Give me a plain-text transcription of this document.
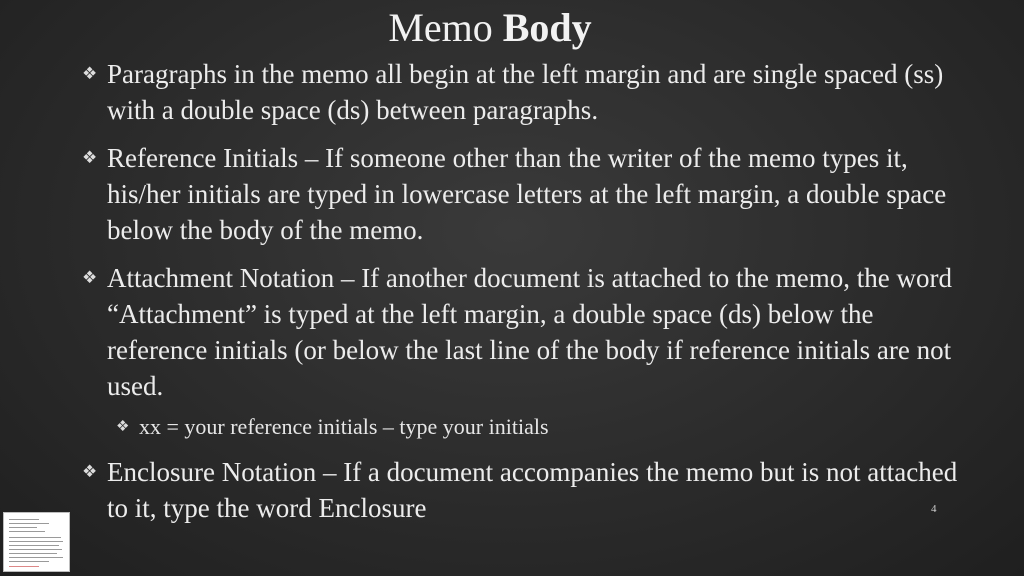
Memo Body
❖ Paragraphs in the memo all begin at the left margin and are single spaced (ss) with a double space (ds) between paragraphs.
❖ Reference Initials – If someone other than the writer of the memo types it, his/her initials are typed in lowercase letters at the left margin, a double space below the body of the memo.
❖ Attachment Notation – If another document is attached to the memo, the word “Attachment” is typed at the left margin, a double space (ds) below the reference initials (or below the last line of the body if reference initials are not used.
❖ xx = your reference initials – type your initials
❖ Enclosure Notation – If a document accompanies the memo but is not attached to it, type the word Enclosure	4
